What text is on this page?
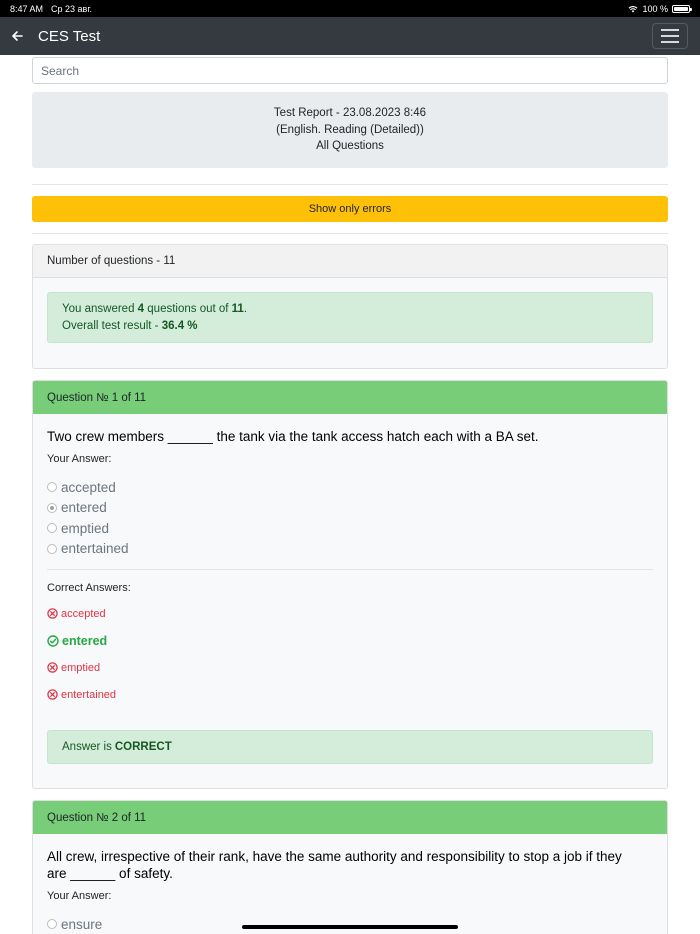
8:47 AM Ср 23 авг.	100 %
CES Test
Search
Test Report - 23.08.2023 8:46
(English. Reading (Detailed))
All Questions
Show only errors
Number of questions - 11
You answered 4 questions out of 11.
Overall test result - 36.4 %
Question № 1 of 11
Two crew members ______ the tank via the tank access hatch each with a BA set.
Your Answer:
accepted
entered
emptied
entertained
Correct Answers:
accepted
entered
emptied
entertained
Answer is CORRECT
Question № 2 of 11
All crew, irrespective of their rank, have the same authority and responsibility to stop a job if they
are ______ of safety.
Your Answer:
ensure
